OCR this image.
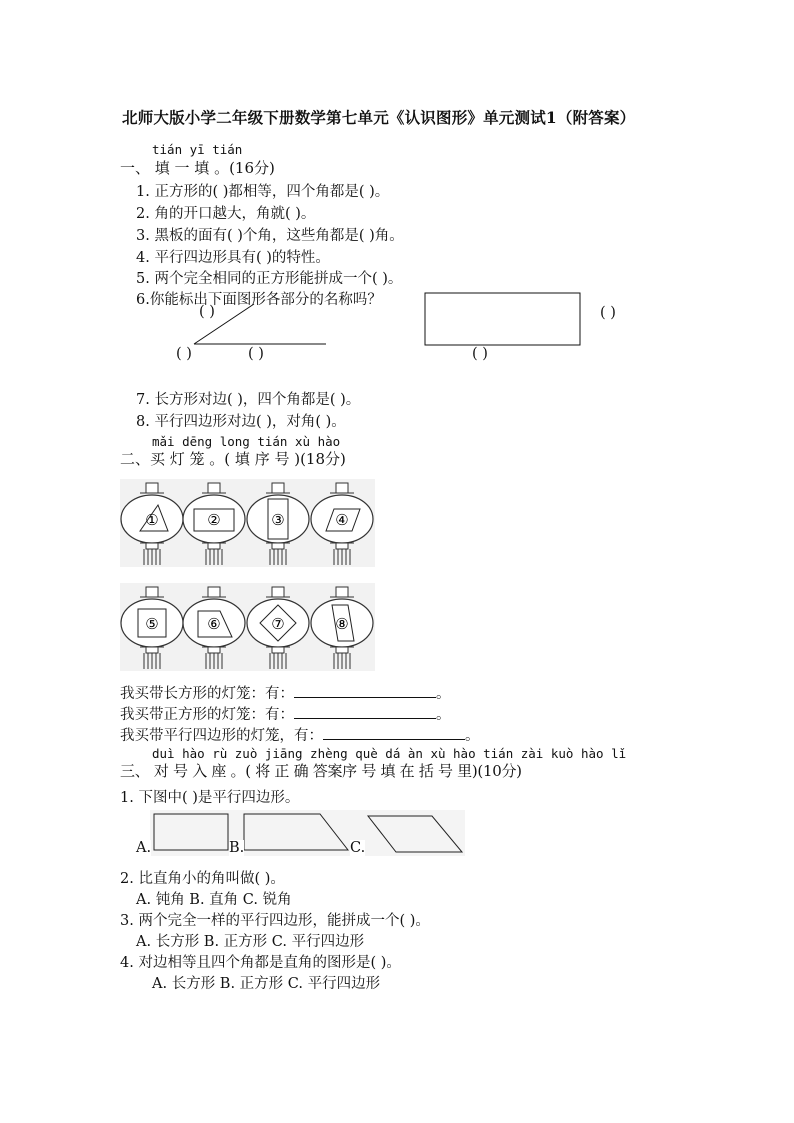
北师大版小学二年级下册数学第七单元《认识图形》单元测试1（附答案）
tián yī tián
一、 填 一 填 。(16分)
1. 正方形的( )都相等，四个角都是( )。
2. 角的开口越大，角就( )。
3. 黑板的面有( )个角，这些角都是( )角。
4. 平行四边形具有( )的特性。
5. 两个完全相同的正方形能拼成一个( )。
6.你能标出下面图形各部分的名称吗？
( )
( )	( )
( )
( )
7. 长方形对边( )，四个角都是( )。
8. 平行四边形对边( )，对角( )。
mǎi dēng long tián xù hào
二、买 灯 笼 。( 填 序 号 )(18分)
①	②	③	④
⑤	⑥	⑦	⑧
我买带长方形的灯笼：有：	。
我买带正方形的灯笼：有：	。
我买带平行四边形的灯笼，有：	。
duì hào rù zuò jiāng zhèng què dá àn xù hào tián zài kuò hào lǐ
三、 对 号 入 座 。( 将 正 确 答案序 号 填 在 括 号 里)(10分)
1. 下图中( )是平行四边形。
A.	B.	C.
2. 比直角小的角叫做( )。
A. 钝角 B. 直角 C. 锐角
3. 两个完全一样的平行四边形，能拼成一个( )。
A. 长方形 B. 正方形 C. 平行四边形
4. 对边相等且四个角都是直角的图形是( )。
A. 长方形 B. 正方形 C. 平行四边形
